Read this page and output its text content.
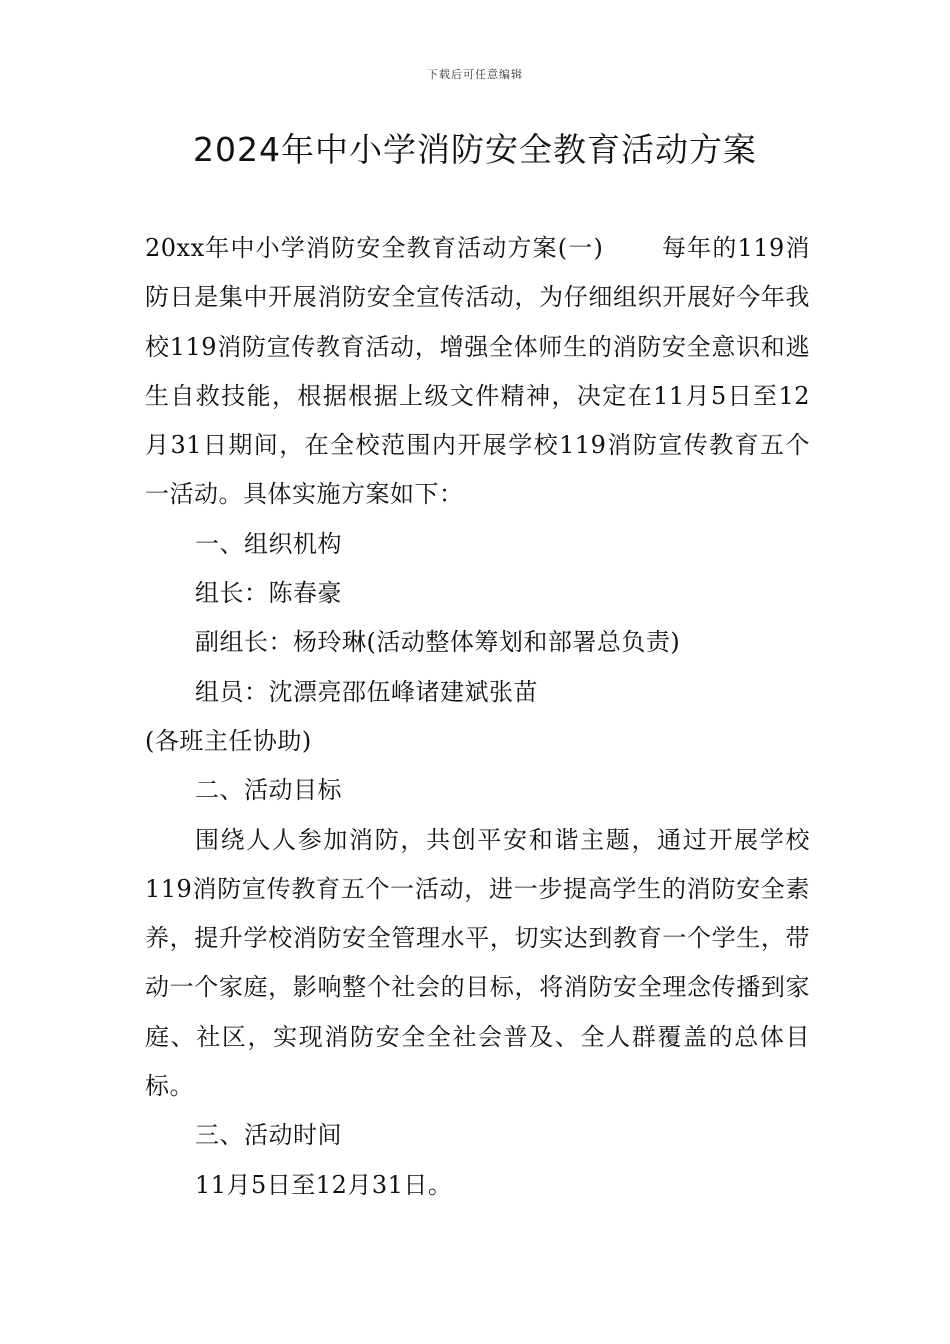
下载后可任意编辑
2024年中小学消防安全教育活动方案

20xx年中小学消防安全教育活动方案(一) 每年的119消防日是集中开展消防安全宣传活动，为仔细组织开展好今年我校119消防宣传教育活动，增强全体师生的消防安全意识和逃生自救技能，根据根据上级文件精神，决定在11月5日至12月31日期间，在全校范围内开展学校119消防宣传教育五个一活动。具体实施方案如下：

一、组织机构

组长：陈春豪

副组长：杨玲琳(活动整体筹划和部署总负责)

组员：沈漂亮邵伍峰诸建斌张苗

(各班主任协助)

二、活动目标

围绕人人参加消防，共创平安和谐主题，通过开展学校119消防宣传教育五个一活动，进一步提高学生的消防安全素养，提升学校消防安全管理水平，切实达到教育一个学生，带动一个家庭，影响整个社会的目标，将消防安全理念传播到家庭、社区，实现消防安全全社会普及、全人群覆盖的总体目标。

三、活动时间

11月5日至12月31日。
